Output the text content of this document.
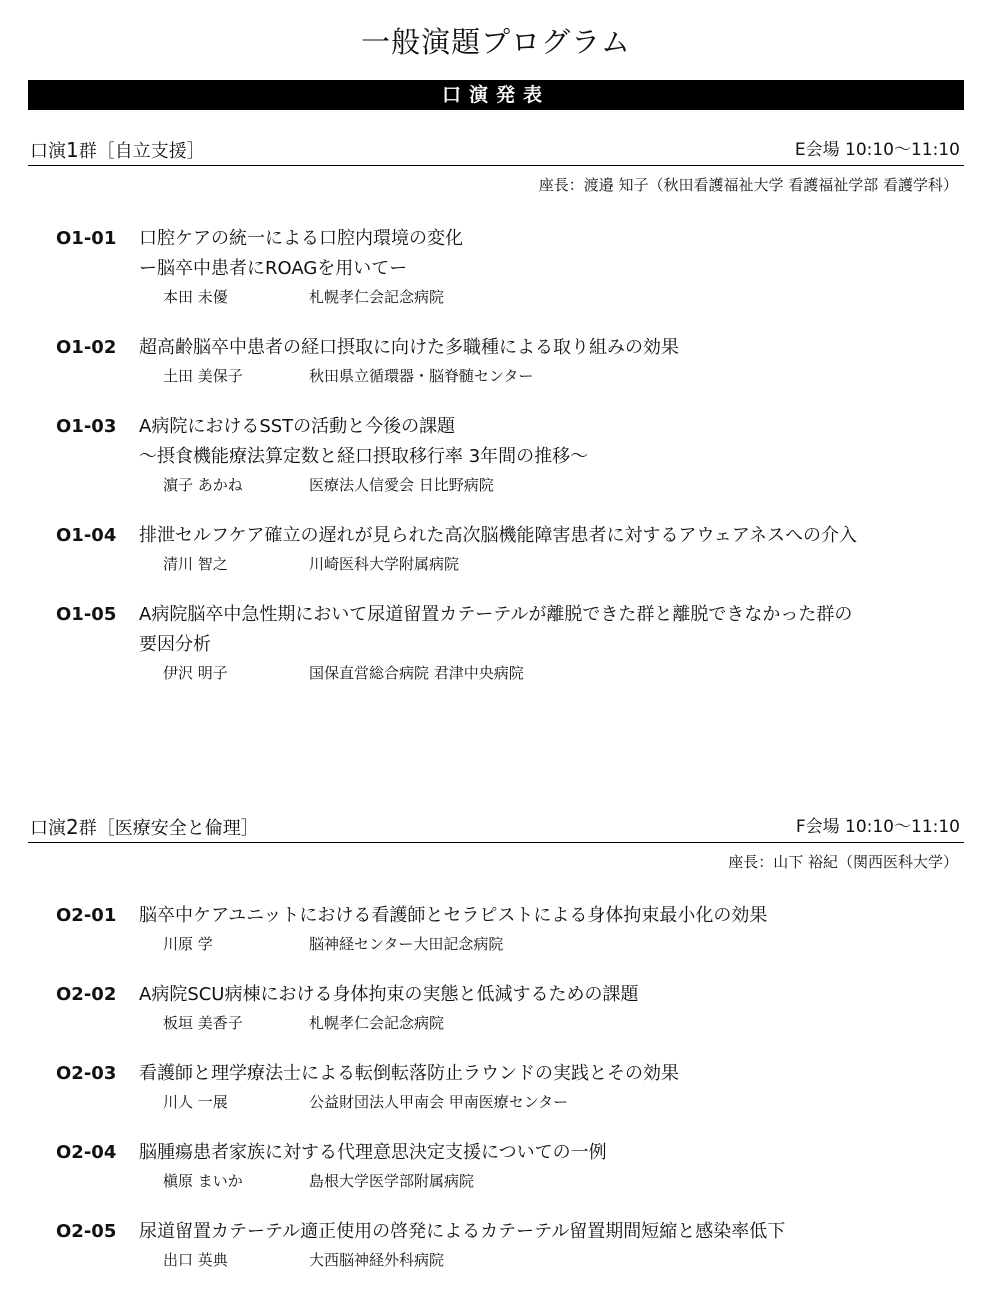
一般演題プログラム
口演発表
口演1群［自立支援］	E会場 10:10～11:10
座長：渡邉 知子（秋田看護福祉大学 看護福祉学部 看護学科）
O1-01 口腔ケアの統一による口腔内環境の変化
ー脳卒中患者にROAGを用いてー
本田 未優	札幌孝仁会記念病院
O1-02 超高齢脳卒中患者の経口摂取に向けた多職種による取り組みの効果
土田 美保子	秋田県立循環器・脳脊髄センター
O1-03 A病院におけるSSTの活動と今後の課題
～摂食機能療法算定数と経口摂取移行率 3年間の推移～
濵子 あかね	医療法人信愛会 日比野病院
O1-04 排泄セルフケア確立の遅れが見られた高次脳機能障害患者に対するアウェアネスへの介入
清川 智之	川崎医科大学附属病院
O1-05 A病院脳卒中急性期において尿道留置カテーテルが離脱できた群と離脱できなかった群の
要因分析
伊沢 明子	国保直営総合病院 君津中央病院
口演2群［医療安全と倫理］	F会場 10:10～11:10
座長：山下 裕紀（関西医科大学）
O2-01 脳卒中ケアユニットにおける看護師とセラピストによる身体拘束最小化の効果
川原 学	脳神経センター大田記念病院
O2-02 A病院SCU病棟における身体拘束の実態と低減するための課題
板垣 美香子	札幌孝仁会記念病院
O2-03 看護師と理学療法士による転倒転落防止ラウンドの実践とその効果
川人 一展	公益財団法人甲南会 甲南医療センター
O2-04 脳腫瘍患者家族に対する代理意思決定支援についての一例
槇原 まいか	島根大学医学部附属病院
O2-05 尿道留置カテーテル適正使用の啓発によるカテーテル留置期間短縮と感染率低下
出口 英典	大西脳神経外科病院
